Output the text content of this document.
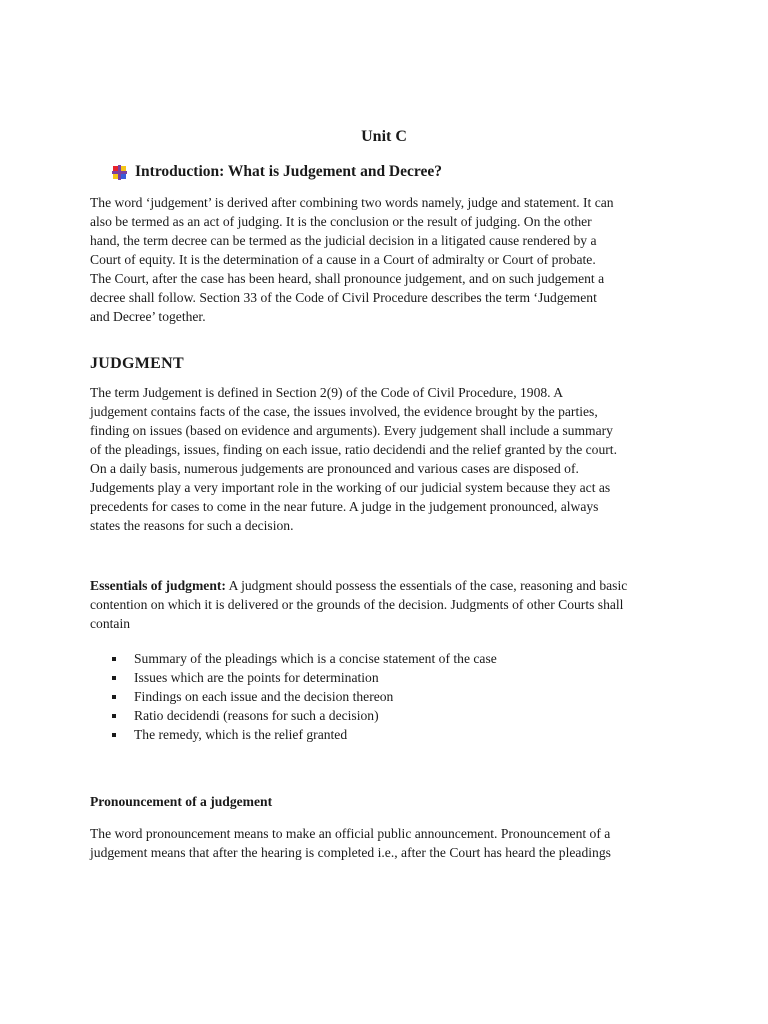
Unit C
Introduction: What is Judgement and Decree?

The word ‘judgement’ is derived after combining two words namely, judge and statement. It can
also be termed as an act of judging. It is the conclusion or the result of judging. On the other
hand, the term decree can be termed as the judicial decision in a litigated cause rendered by a
Court of equity. It is the determination of a cause in a Court of admiralty or Court of probate.
The Court, after the case has been heard, shall pronounce judgement, and on such judgement a
decree shall follow. Section 33 of the Code of Civil Procedure describes the term ‘Judgement
and Decree’ together.

JUDGMENT

The term Judgement is defined in Section 2(9) of the Code of Civil Procedure, 1908. A
judgement contains facts of the case, the issues involved, the evidence brought by the parties,
finding on issues (based on evidence and arguments). Every judgement shall include a summary
of the pleadings, issues, finding on each issue, ratio decidendi and the relief granted by the court.
On a daily basis, numerous judgements are pronounced and various cases are disposed of.
Judgements play a very important role in the working of our judicial system because they act as
precedents for cases to come in the near future. A judge in the judgement pronounced, always
states the reasons for such a decision.

Essentials of judgment: A judgment should possess the essentials of the case, reasoning and basic
contention on which it is delivered or the grounds of the decision. Judgments of other Courts shall
contain

Summary of the pleadings which is a concise statement of the case
Issues which are the points for determination
Findings on each issue and the decision thereon
Ratio decidendi (reasons for such a decision)
The remedy, which is the relief granted
Pronouncement of a judgement

The word pronouncement means to make an official public announcement. Pronouncement of a
judgement means that after the hearing is completed i.e., after the Court has heard the pleadings
